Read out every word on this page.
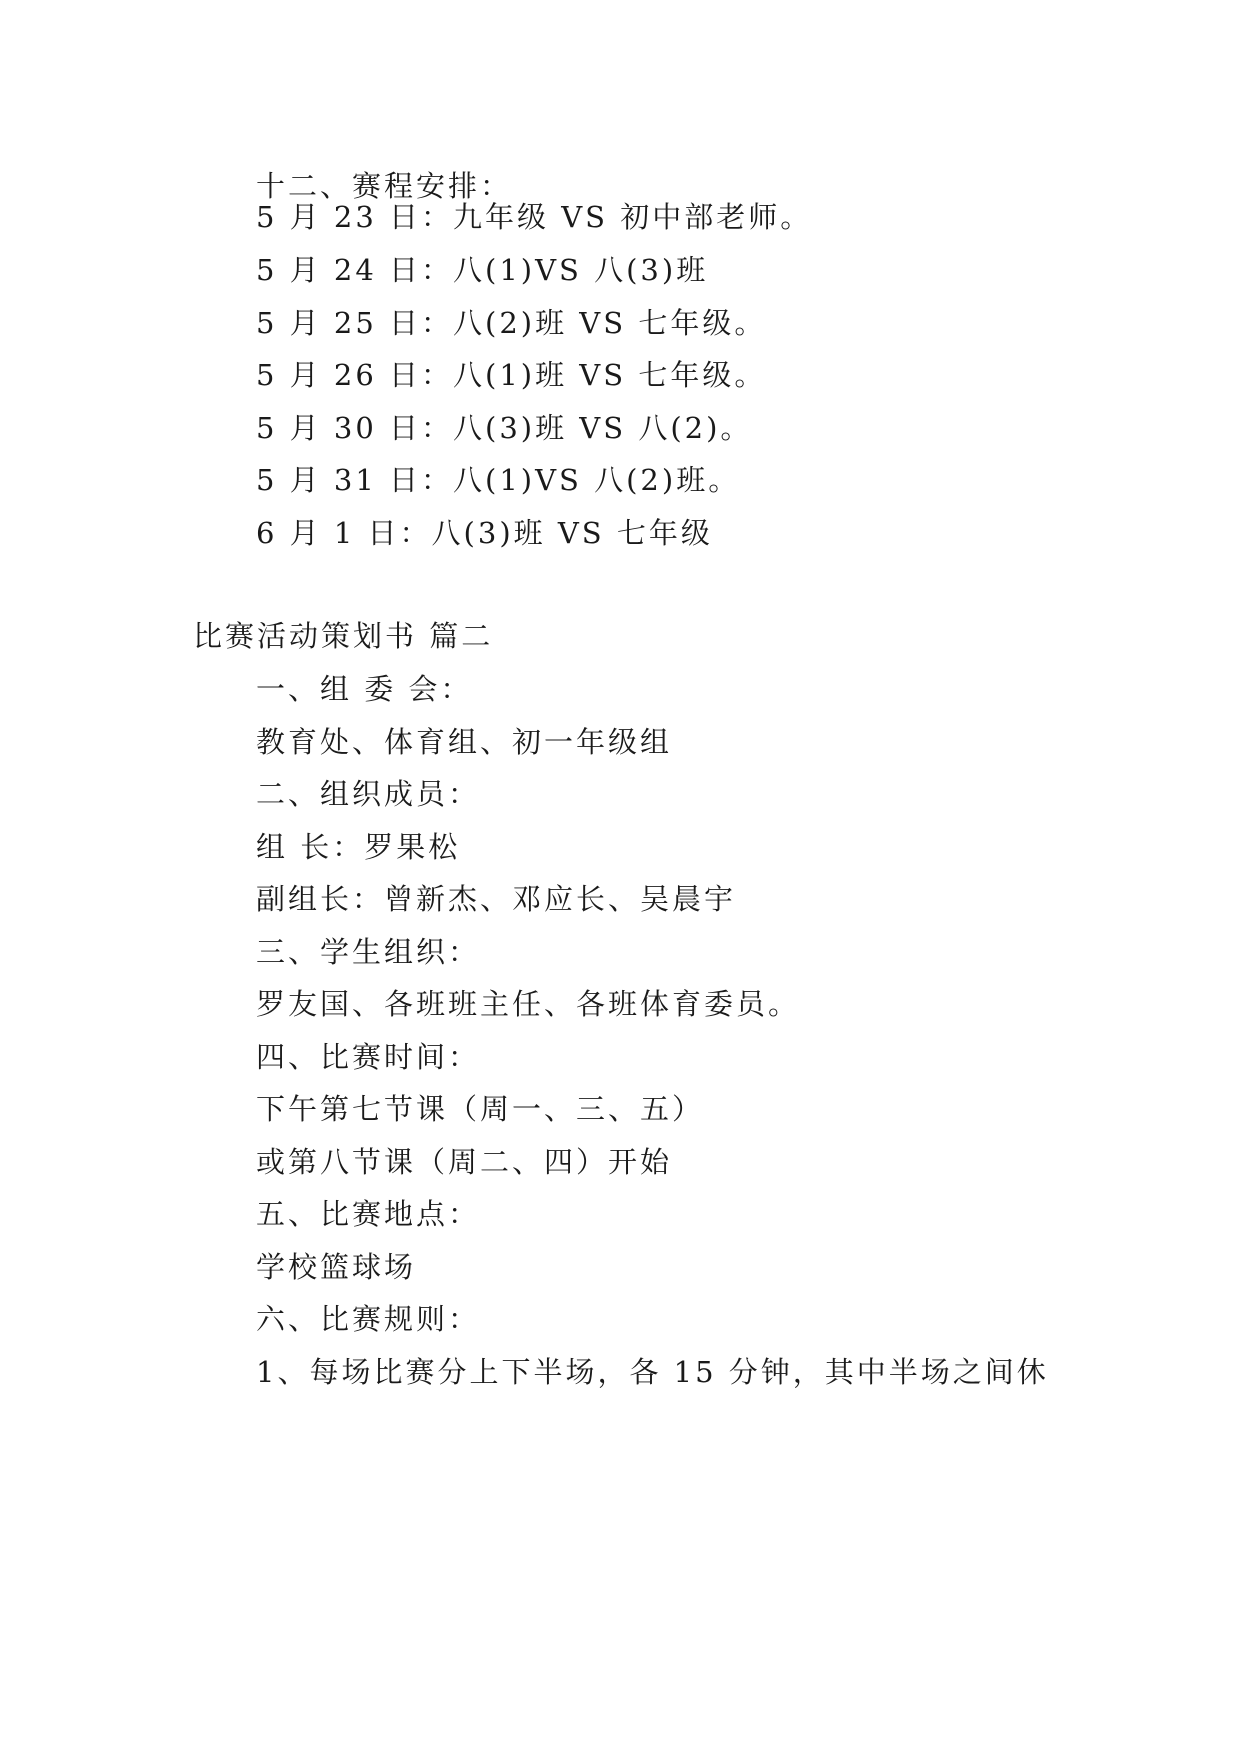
十二、赛程安排：
5 月 23 日：九年级 VS 初中部老师。
5 月 24 日：八(1)VS 八(3)班
5 月 25 日：八(2)班 VS 七年级。
5 月 26 日：八(1)班 VS 七年级。
5 月 30 日：八(3)班 VS 八(2)。
5 月 31 日：八(1)VS 八(2)班。
6 月 1 日：八(3)班 VS 七年级
比赛活动策划书 篇二
一、组 委 会：
教育处、体育组、初一年级组
二、组织成员：
组 长：罗果松
副组长：曾新杰、邓应长、吴晨宇
三、学生组织：
罗友国、各班班主任、各班体育委员。
四、比赛时间：
下午第七节课（周一、三、五）
或第八节课（周二、四）开始
五、比赛地点：
学校篮球场
六、比赛规则：
1、每场比赛分上下半场，各 15 分钟，其中半场之间休
